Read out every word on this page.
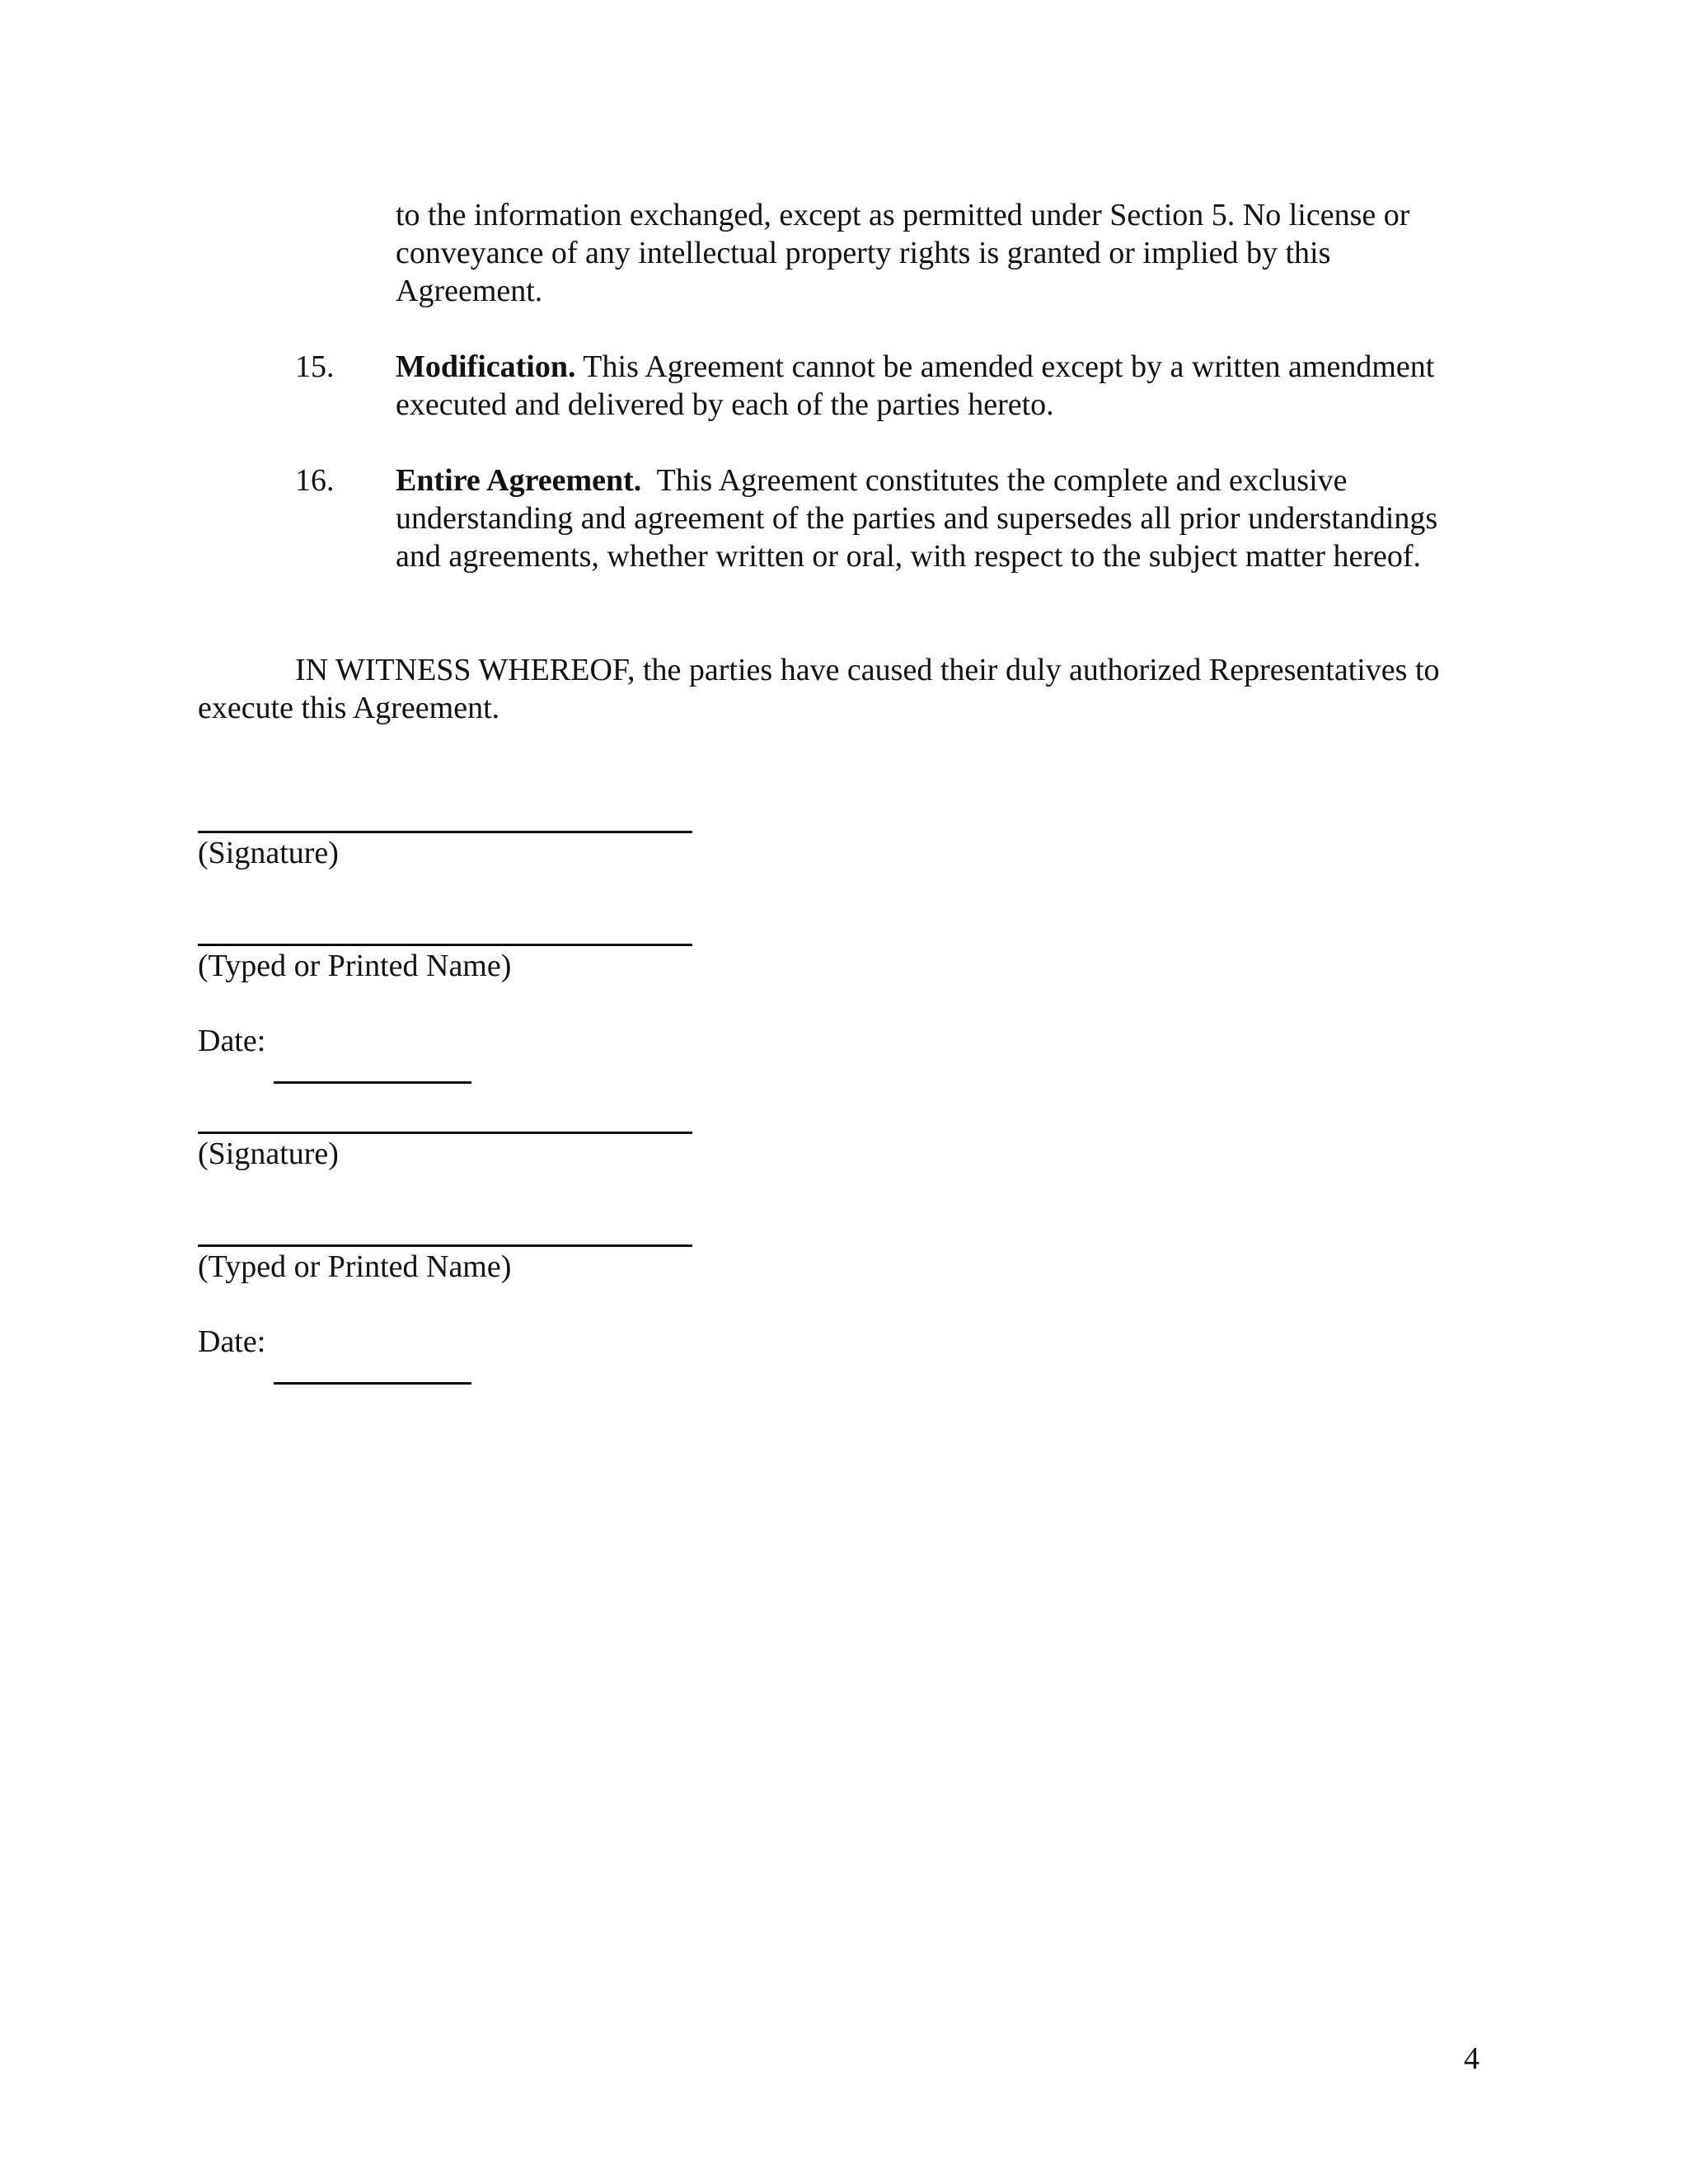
to the information exchanged, except as permitted under Section 5. No license or conveyance of any intellectual property rights is granted or implied by this Agreement.
15. Modification. This Agreement cannot be amended except by a written amendment executed and delivered by each of the parties hereto.
16. Entire Agreement.  This Agreement constitutes the complete and exclusive understanding and agreement of the parties and supersedes all prior understandings and agreements, whether written or oral, with respect to the subject matter hereof.
IN WITNESS WHEREOF, the parties have caused their duly authorized Representatives to execute this Agreement.
(Signature)
(Typed or Printed Name)
Date:
(Signature)
(Typed or Printed Name)
Date:
4
